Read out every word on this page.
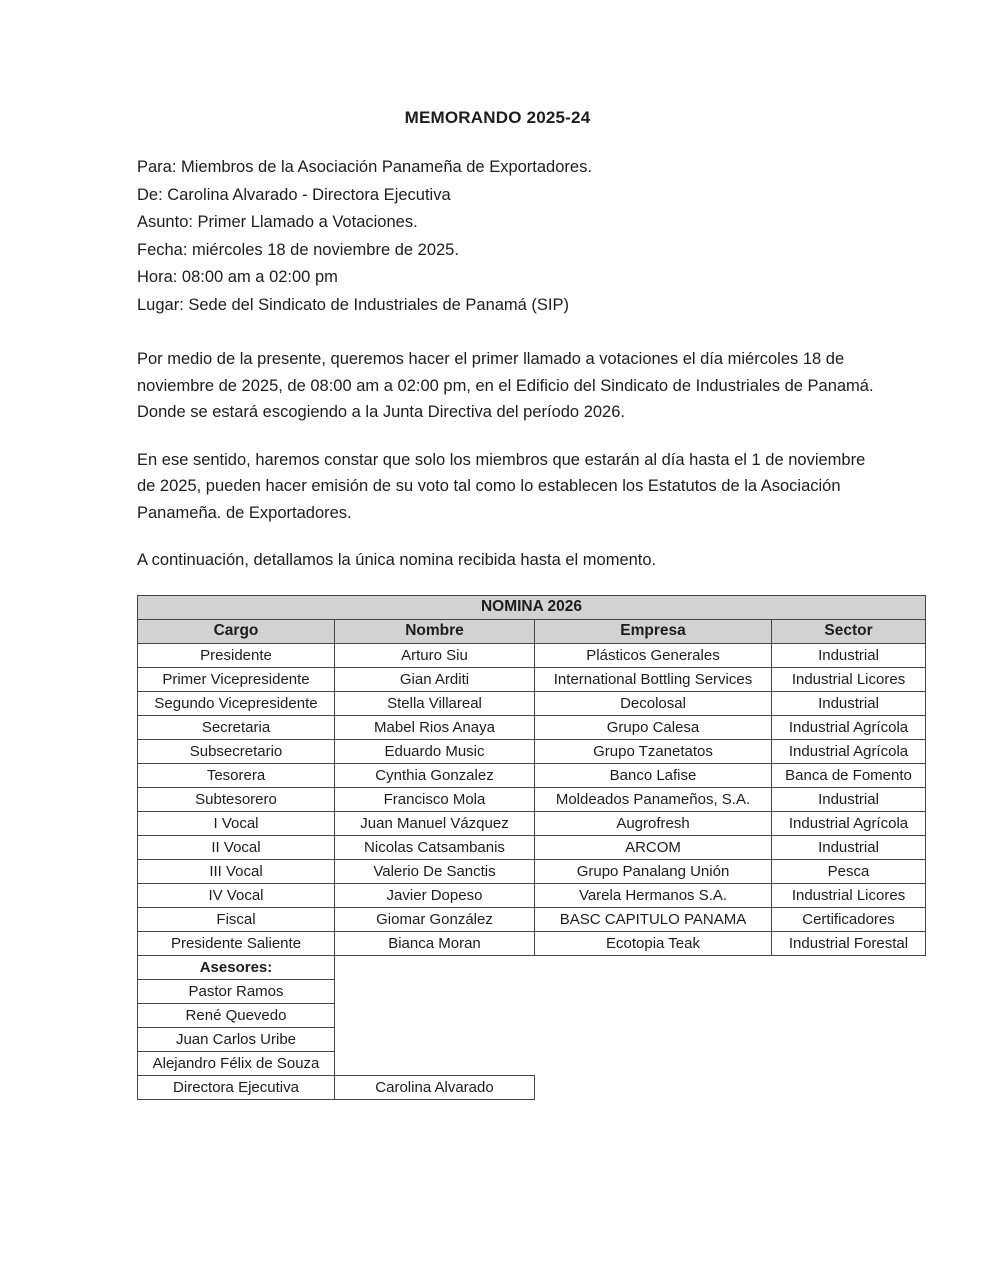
MEMORANDO 2025-24
Para: Miembros de la Asociación Panameña de Exportadores.
De: Carolina Alvarado - Directora Ejecutiva
Asunto: Primer Llamado a Votaciones.
Fecha: miércoles 18 de noviembre de 2025.
Hora: 08:00 am a 02:00 pm
Lugar: Sede del Sindicato de Industriales de Panamá (SIP)

Por medio de la presente, queremos hacer el primer llamado a votaciones el día miércoles 18 de noviembre de 2025, de 08:00 am a 02:00 pm, en el Edificio del Sindicato de Industriales de Panamá. Donde se estará escogiendo a la Junta Directiva del período 2026.

En ese sentido, haremos constar que solo los miembros que estarán al día hasta el 1 de noviembre de 2025, pueden hacer emisión de su voto tal como lo establecen los Estatutos de la Asociación Panameña. de Exportadores.

A continuación, detallamos la única nomina recibida hasta el momento.

NOMINA 2026			
Cargo	Nombre	Empresa	Sector
Presidente	Arturo Siu	Plásticos Generales	Industrial
Primer Vicepresidente	Gian Arditi	International Bottling Services	Industrial Licores
Segundo Vicepresidente	Stella Villareal	Decolosal	Industrial
Secretaria	Mabel Rios Anaya	Grupo Calesa	Industrial Agrícola
Subsecretario	Eduardo Music	Grupo Tzanetatos	Industrial Agrícola
Tesorera	Cynthia Gonzalez	Banco Lafise	Banca de Fomento
Subtesorero	Francisco Mola	Moldeados Panameños, S.A.	Industrial
I Vocal	Juan Manuel Vázquez	Augrofresh	Industrial Agrícola
II Vocal	Nicolas Catsambanis	ARCOM	Industrial
III Vocal	Valerio De Sanctis	Grupo Panalang Unión	Pesca
IV Vocal	Javier Dopeso	Varela Hermanos S.A.	Industrial Licores
Fiscal	Giomar González	BASC CAPITULO PANAMA	Certificadores
Presidente Saliente	Bianca Moran	Ecotopia Teak	Industrial Forestal
Asesores:			
Pastor Ramos			
René Quevedo			
Juan Carlos Uribe			
Alejandro Félix de Souza			
Directora Ejecutiva	Carolina Alvarado		
